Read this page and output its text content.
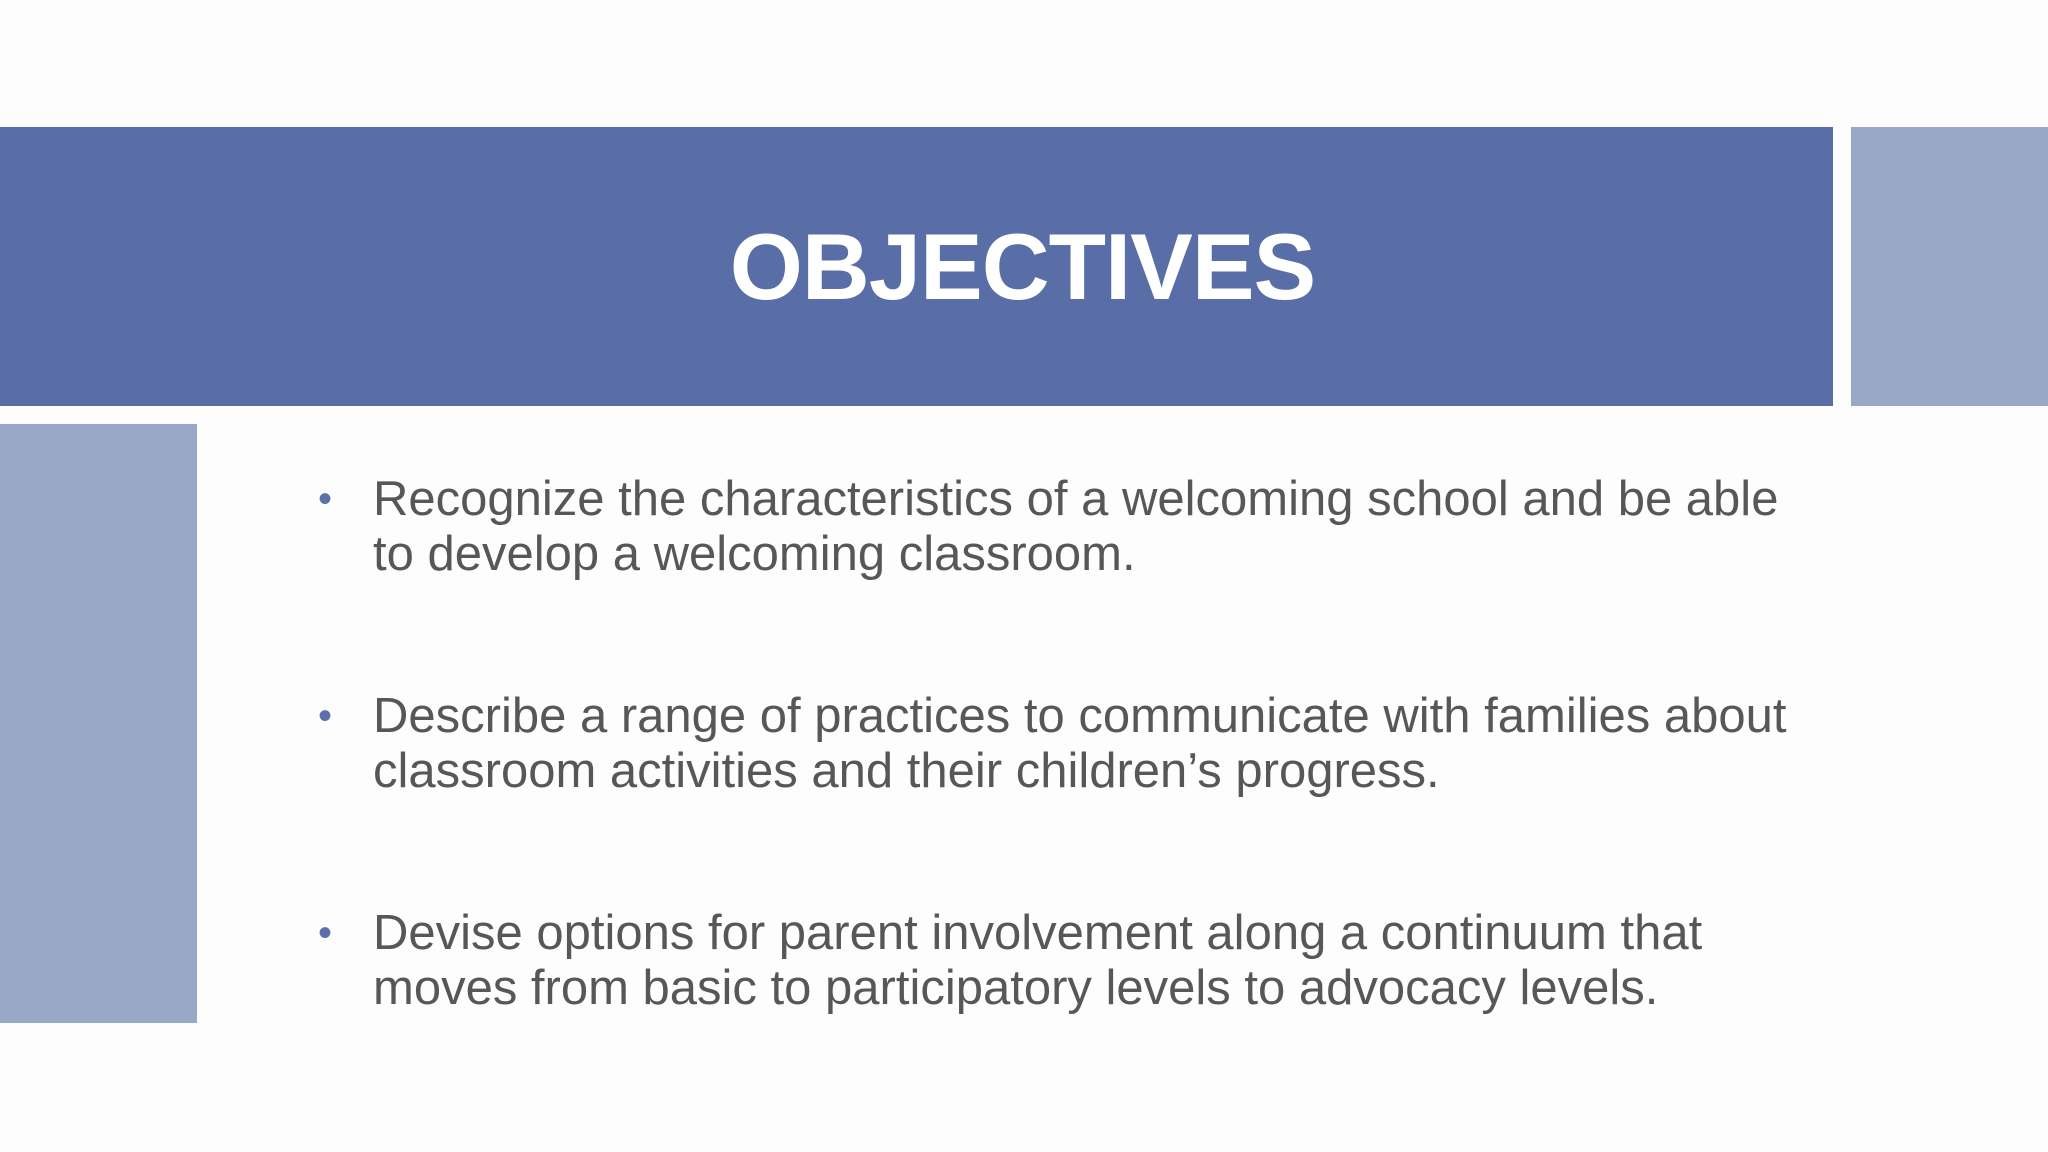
OBJECTIVES
• Recognize the characteristics of a welcoming school and be able to develop a welcoming classroom.
• Describe a range of practices to communicate with families about classroom activities and their children’s progress.
• Devise options for parent involvement along a continuum that moves from basic to participatory levels to advocacy levels.
